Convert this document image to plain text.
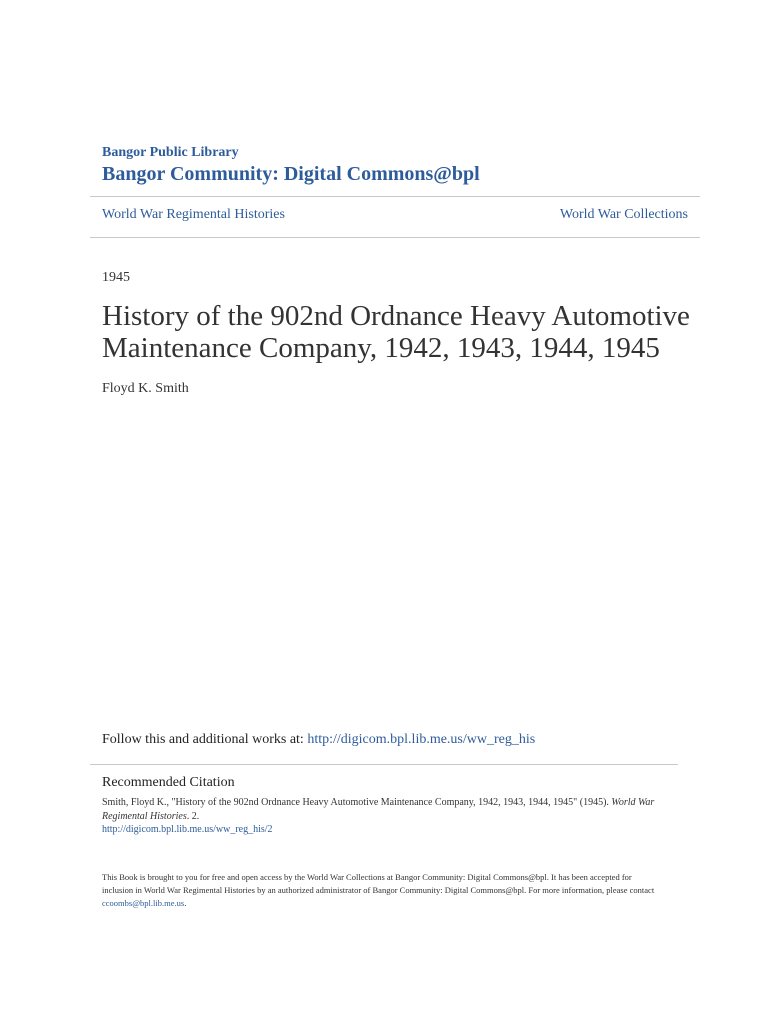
Bangor Public Library
Bangor Community: Digital Commons@bpl
World War Regimental Histories	World War Collections
1945
History of the 902nd Ordnance Heavy Automotive Maintenance Company, 1942, 1943, 1944, 1945
Floyd K. Smith
Follow this and additional works at: http://digicom.bpl.lib.me.us/ww_reg_his
Recommended Citation
Smith, Floyd K., "History of the 902nd Ordnance Heavy Automotive Maintenance Company, 1942, 1943, 1944, 1945" (1945). World War Regimental Histories. 2.
http://digicom.bpl.lib.me.us/ww_reg_his/2
This Book is brought to you for free and open access by the World War Collections at Bangor Community: Digital Commons@bpl. It has been accepted for inclusion in World War Regimental Histories by an authorized administrator of Bangor Community: Digital Commons@bpl. For more information, please contact ccoombs@bpl.lib.me.us.
